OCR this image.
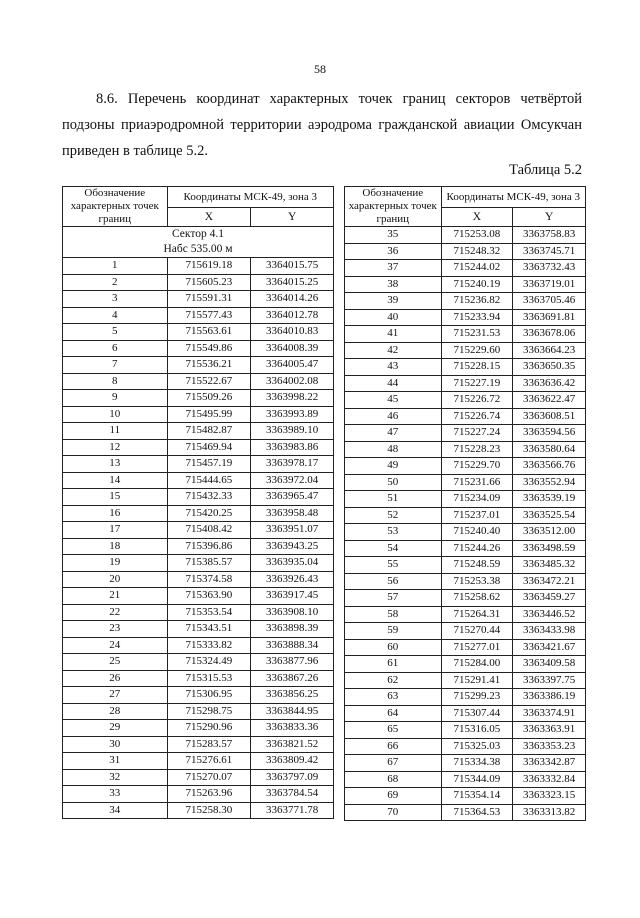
58

8.6. Перечень координат характерных точек границ секторов четвёртой
подзоны приаэродромной территории аэродрома гражданской авиации Омсукчан
приведен в таблице 5.2.

Таблица 5.2
Обозначение характерных точек границ	Координаты МСК-49, зона 3	
	X	Y

Сектор 4.1
Набс 535.00 м		

1	715619.18	3364015.75
2	715605.23	3364015.25
3	715591.31	3364014.26
4	715577.43	3364012.78
5	715563.61	3364010.83
6	715549.86	3364008.39
7	715536.21	3364005.47
8	715522.67	3364002.08
9	715509.26	3363998.22
10	715495.99	3363993.89
11	715482.87	3363989.10
12	715469.94	3363983.86
13	715457.19	3363978.17
14	715444.65	3363972.04
15	715432.33	3363965.47
16	715420.25	3363958.48
17	715408.42	3363951.07
18	715396.86	3363943.25
19	715385.57	3363935.04
20	715374.58	3363926.43
21	715363.90	3363917.45
22	715353.54	3363908.10
23	715343.51	3363898.39
24	715333.82	3363888.34
25	715324.49	3363877.96
26	715315.53	3363867.26
27	715306.95	3363856.25
28	715298.75	3363844.95
29	715290.96	3363833.36
30	715283.57	3363821.52
31	715276.61	3363809.42
32	715270.07	3363797.09
33	715263.96	3363784.54
34	715258.30	3363771.78
Обозначение характерных точек границ	Координаты МСК-49, зона 3	
	X	Y
35	715253.08	3363758.83
36	715248.32	3363745.71
37	715244.02	3363732.43
38	715240.19	3363719.01
39	715236.82	3363705.46
40	715233.94	3363691.81
41	715231.53	3363678.06
42	715229.60	3363664.23
43	715228.15	3363650.35
44	715227.19	3363636.42
45	715226.72	3363622.47
46	715226.74	3363608.51
47	715227.24	3363594.56
48	715228.23	3363580.64
49	715229.70	3363566.76
50	715231.66	3363552.94
51	715234.09	3363539.19
52	715237.01	3363525.54
53	715240.40	3363512.00
54	715244.26	3363498.59
55	715248.59	3363485.32
56	715253.38	3363472.21
57	715258.62	3363459.27
58	715264.31	3363446.52
59	715270.44	3363433.98
60	715277.01	3363421.67
61	715284.00	3363409.58
62	715291.41	3363397.75
63	715299.23	3363386.19
64	715307.44	3363374.91
65	715316.05	3363363.91
66	715325.03	3363353.23
67	715334.38	3363342.87
68	715344.09	3363332.84
69	715354.14	3363323.15
70	715364.53	3363313.82
